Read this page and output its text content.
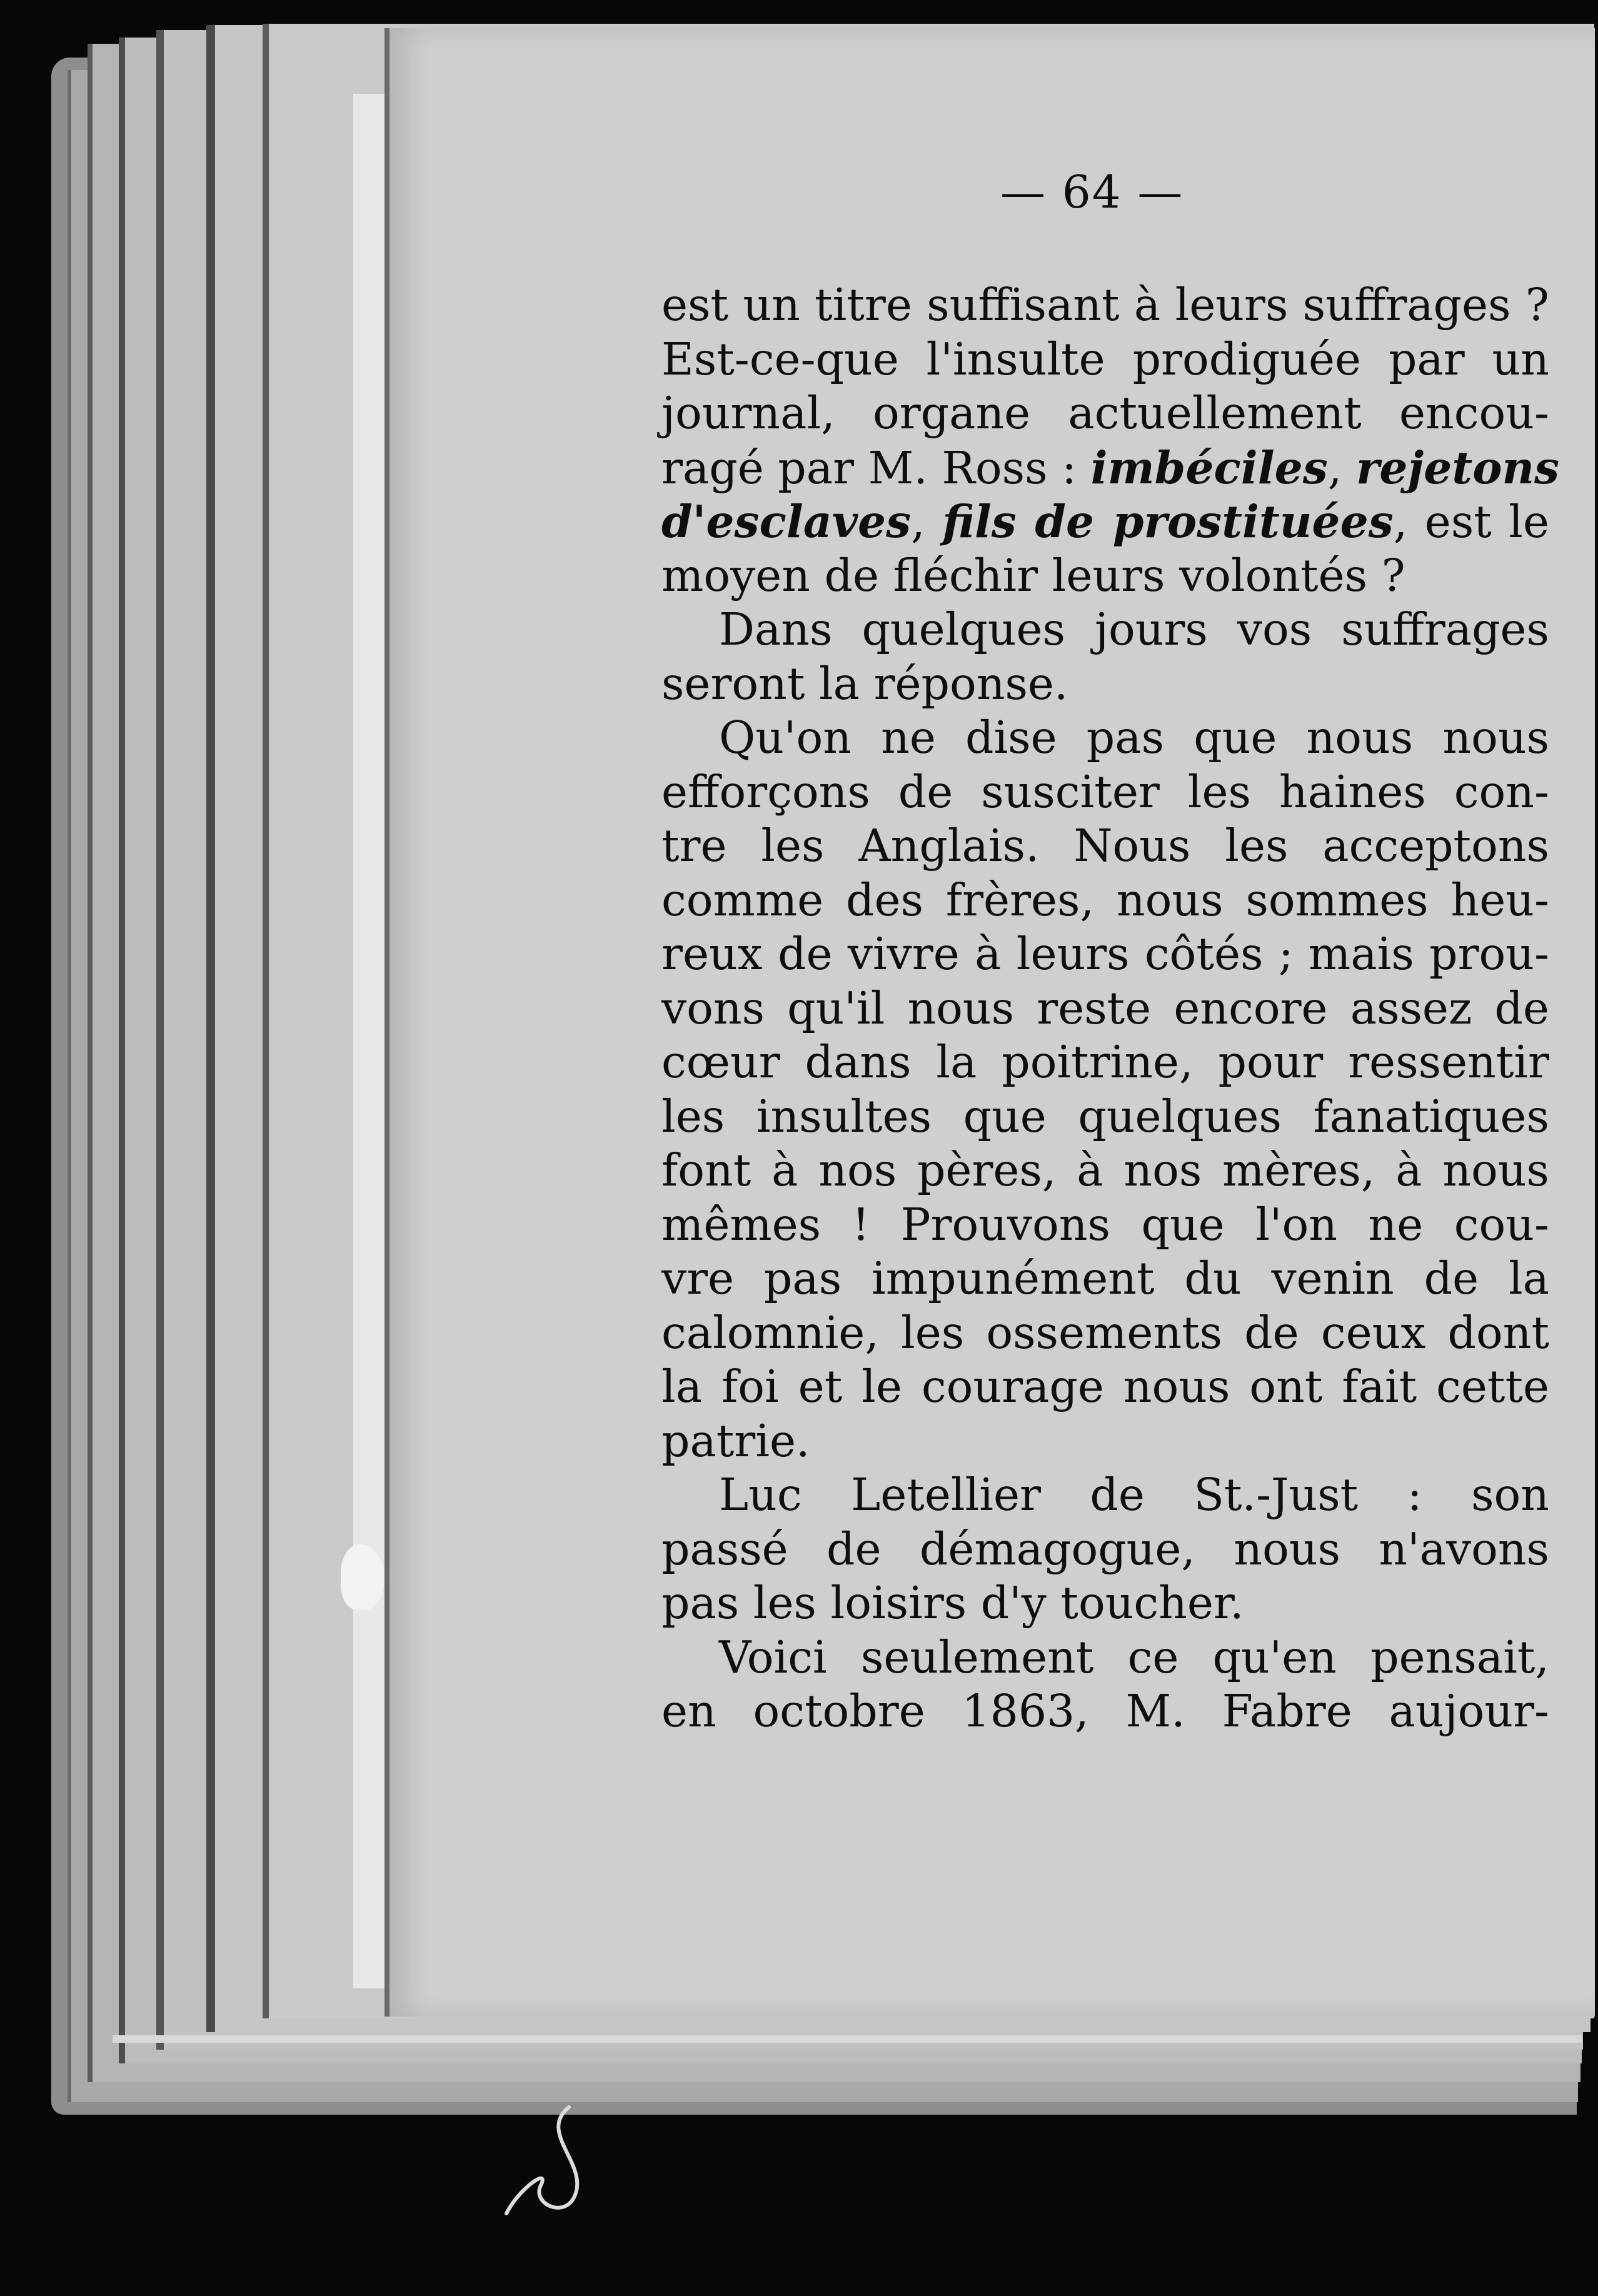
— 64 —
est un titre suffisant à leurs suffrages ?
Est-ce-que l'insulte prodiguée par un
journal, organe actuellement encou-
ragé par M. Ross : imbéciles, rejetons
d'esclaves, fils de prostituées, est le
moyen de fléchir leurs volontés ?
Dans quelques jours vos suffrages
seront la réponse.
Qu'on ne dise pas que nous nous
efforçons de susciter les haines con-
tre les Anglais. Nous les acceptons
comme des frères, nous sommes heu-
reux de vivre à leurs côtés ; mais prou-
vons qu'il nous reste encore assez de
cœur dans la poitrine, pour ressentir
les insultes que quelques fanatiques
font à nos pères, à nos mères, à nous
mêmes ! Prouvons que l'on ne cou-
vre pas impunément du venin de la
calomnie, les ossements de ceux dont
la foi et le courage nous ont fait cette
patrie.
Luc Letellier de St.-Just : son
passé de démagogue, nous n'avons
pas les loisirs d'y toucher.
Voici seulement ce qu'en pensait,
en octobre 1863, M. Fabre aujour-
